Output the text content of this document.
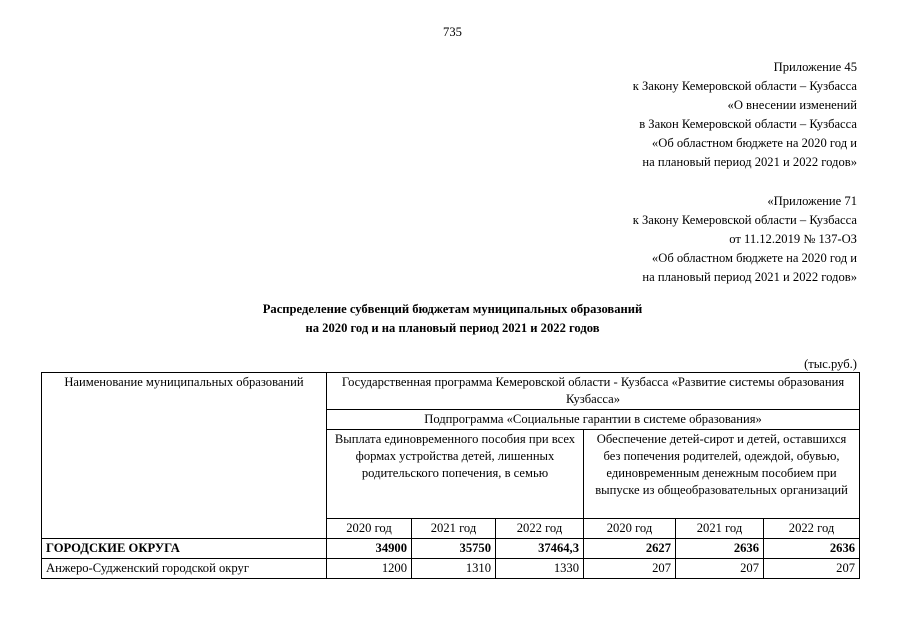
735
Приложение 45
к Закону Кемеровской области – Кузбасса
«О внесении изменений
в Закон Кемеровской области – Кузбасса
«Об областном бюджете на 2020 год и
на плановый период 2021 и 2022 годов»
«Приложение 71
к Закону Кемеровской области – Кузбасса
от 11.12.2019 № 137-ОЗ
«Об областном бюджете на 2020 год и
на плановый период 2021 и 2022 годов»
Распределение субвенций бюджетам муниципальных образований
на 2020 год и на плановый период 2021 и 2022 годов
(тыс.руб.)
Наименование муниципальных образований	Государственная программа Кемеровской области - Кузбасса «Развитие системы образования Кузбасса»					
	Подпрограмма «Социальные гарантии в системе образования»					
	Выплата единовременного пособия при всех формах устройства детей, лишенных родительского попечения, в семью			Обеспечение детей-сирот и детей, оставшихся без попечения родителей, одеждой, обувью, единовременным денежным пособием при выпуске из общеобразовательных организаций		
	2020 год	2021 год	2022 год	2020 год	2021 год	2022 год
ГОРОДСКИЕ ОКРУГА	34900	35750	37464,3	2627	2636	2636
Анжеро-Судженский городской округ	1200	1310	1330	207	207	207
